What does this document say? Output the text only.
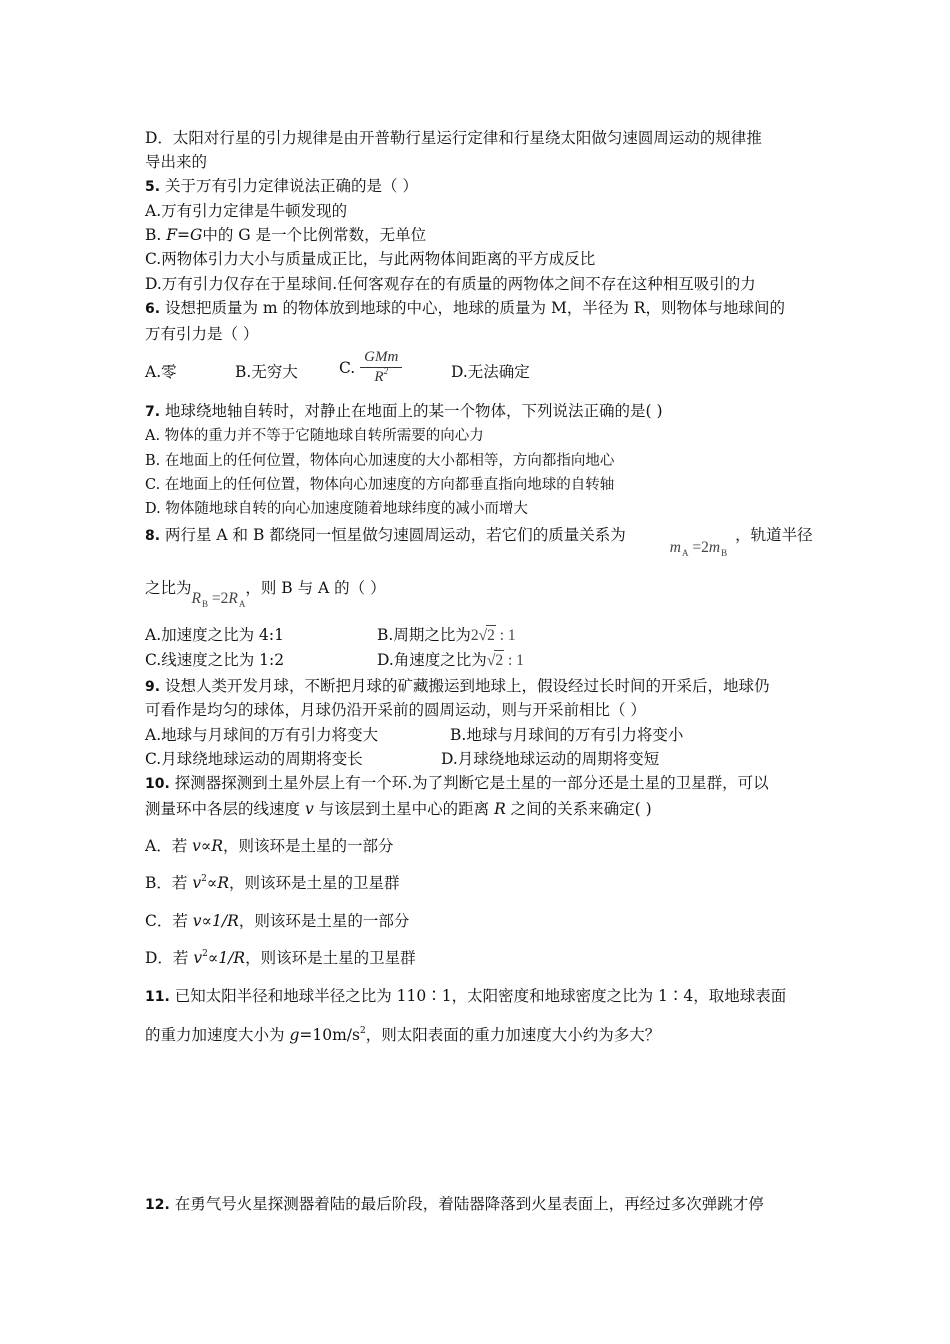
D．太阳对行星的引力规律是由开普勒行星运行定律和行星绕太阳做匀速圆周运动的规律推
导出来的
5. 关于万有引力定律说法正确的是（ ）
A.万有引力定律是牛顿发现的
B. F=G中的 G 是一个比例常数，无单位
C.两物体引力大小与质量成正比，与此两物体间距离的平方成反比
D.万有引力仅存在于星球间.任何客观存在的有质量的两物体之间不存在这种相互吸引的力
6. 设想把质量为 m 的物体放到地球的中心，地球的质量为 M，半径为 R，则物体与地球间的
万有引力是（ ）
A.零	B.无穷大	C. $\frac{\text{GMm}}{R^2}$	D.无法确定
7. 地球绕地轴自转时，对静止在地面上的某一个物体，下列说法正确的是( )
A. 物体的重力并不等于它随地球自转所需要的向心力
B. 在地面上的任何位置，物体向心加速度的大小都相等，方向都指向地心
C. 在地面上的任何位置，物体向心加速度的方向都垂直指向地球的自转轴
D. 物体随地球自转的向心加速度随着地球纬度的减小而增大
8. 两行星 A 和 B 都绕同一恒星做匀速圆周运动，若它们的质量关系为$m_A =2m_B$，轨道半径
之比为$R_B =2R_A$，则 B 与 A 的（ ）
A.加速度之比为 4:1	B.周期之比为2√2 : 1
C.线速度之比为 1:2	D.角速度之比为√2 : 1
9. 设想人类开发月球，不断把月球的矿藏搬运到地球上，假设经过长时间的开采后，地球仍
可看作是均匀的球体，月球仍沿开采前的圆周运动，则与开采前相比（ ）
A.地球与月球间的万有引力将变大	B.地球与月球间的万有引力将变小
C.月球绕地球运动的周期将变长	D.月球绕地球运动的周期将变短
10. 探测器探测到土星外层上有一个环.为了判断它是土星的一部分还是土星的卫星群，可以
测量环中各层的线速度 v 与该层到土星中心的距离 R 之间的关系来确定( )
A．若 v∝R，则该环是土星的一部分
B．若 $v^2\propto R$，则该环是土星的卫星群
C．若 v∝1/R，则该环是土星的一部分
D．若 $v^2\propto 1/R$，则该环是土星的卫星群
11. 已知太阳半径和地球半径之比为 110∶1，太阳密度和地球密度之比为 1∶4，取地球表面
的重力加速度大小为 $g=10m/s^2$，则太阳表面的重力加速度大小约为多大？
12. 在勇气号火星探测器着陆的最后阶段，着陆器降落到火星表面上，再经过多次弹跳才停
